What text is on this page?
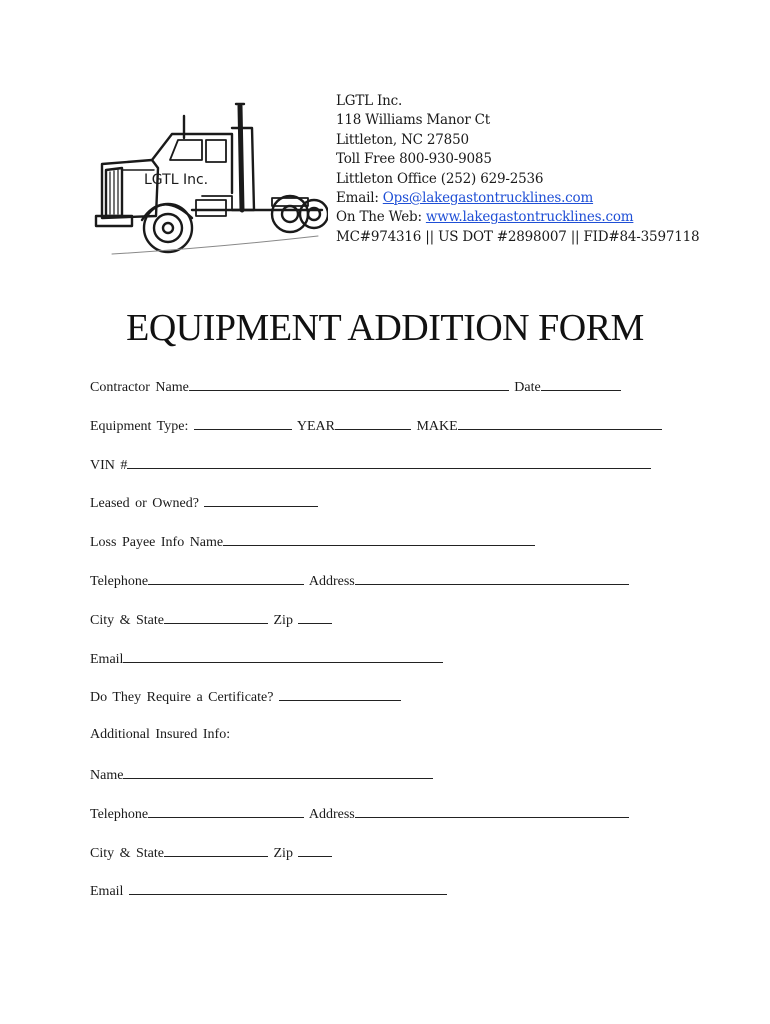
LGTL Inc.
LGTL Inc.
118 Williams Manor Ct
Littleton, NC 27850
Toll Free 800-930-9085
Littleton Office (252) 629-2536
Email: Ops@lakegastontrucklines.com
On The Web: www.lakegastontrucklines.com
MC#974316 || US DOT #2898007 || FID#84-3597118
EQUIPMENT ADDITION FORM
Contractor Name	Date
Equipment Type:	YEAR	MAKE
VIN #
Leased or Owned?
Loss Payee Info Name
Telephone	Address
City & State	Zip
Email
Do They Require a Certificate?
Additional Insured Info:
Name
Telephone	Address
City & State	Zip
Email
